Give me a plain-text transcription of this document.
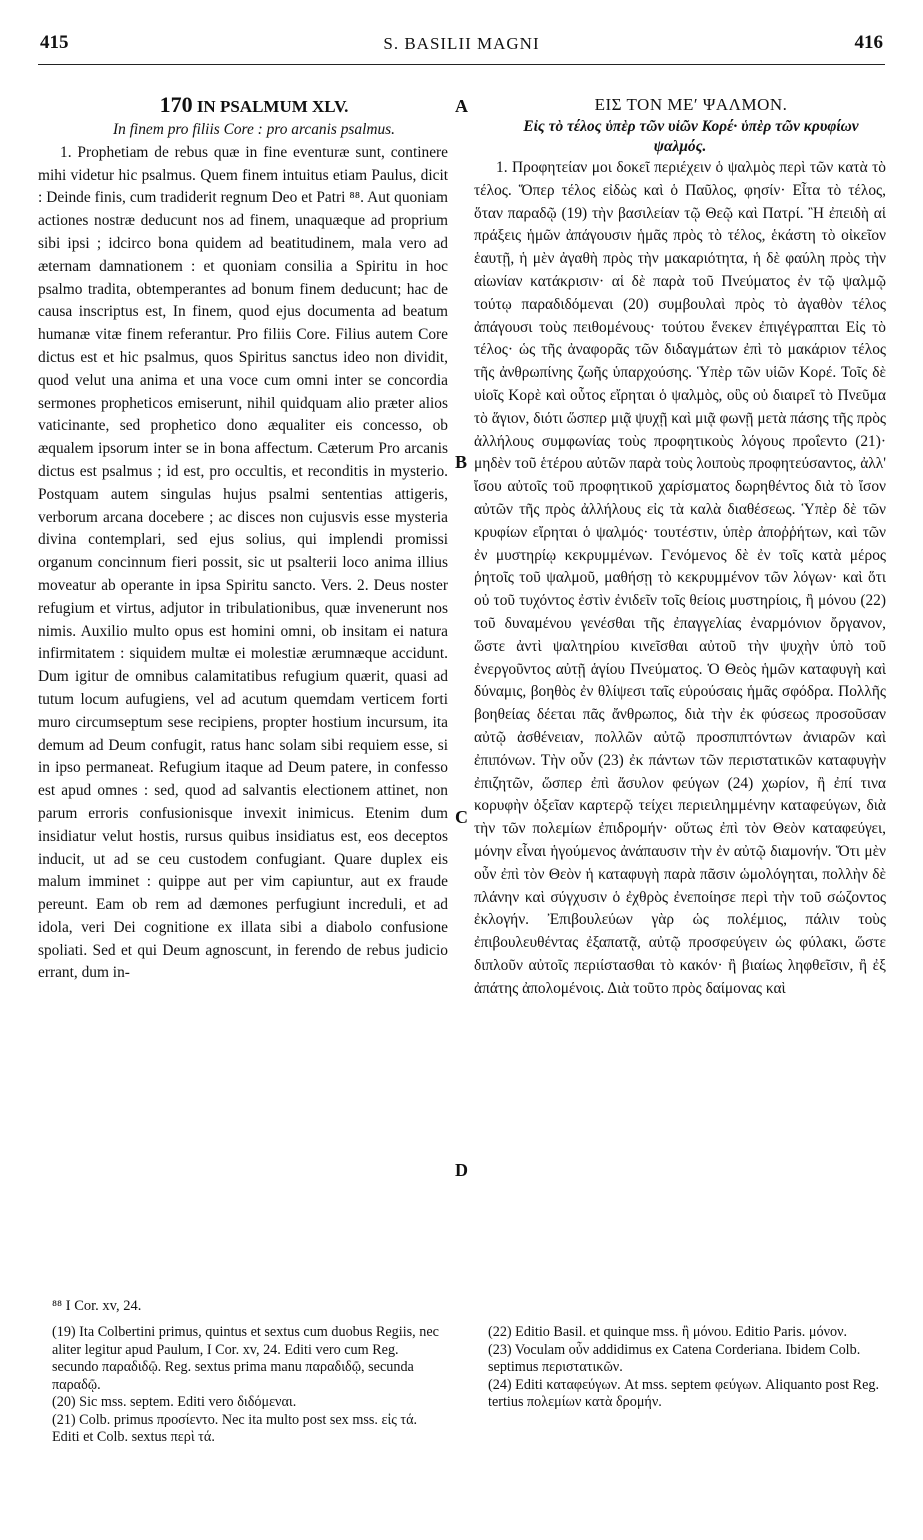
415	S. BASILII MAGNI	416
A
B
C
D

170 IN PSALMUM XLV.

In finem pro filiis Core : pro arcanis psalmus.

1. Prophetiam de rebus quæ in fine eventuræ sunt, continere mihi videtur hic psalmus. Quem finem intuitus etiam Paulus, dicit : Deinde finis, cum tradiderit regnum Deo et Patri ⁸⁸. Aut quoniam actiones nostræ deducunt nos ad finem, unaquæque ad proprium sibi ipsi ; idcirco bona quidem ad beatitudinem, mala vero ad æternam damnationem : et quoniam consilia a Spiritu in hoc psalmo tradita, obtemperantes ad bonum finem deducunt; hac de causa inscriptus est, In finem, quod ejus documenta ad beatum humanæ vitæ finem referantur. Pro filiis Core. Filius autem Core dictus est et hic psalmus, quos Spiritus sanctus ideo non dividit, quod velut una anima et una voce cum omni inter se concordia sermones propheticos emiserunt, nihil quidquam alio præter alios vaticinante, sed prophetico dono æqualiter eis concesso, ob æqualem ipsorum inter se in bona affectum. Cæterum Pro arcanis dictus est psalmus ; id est, pro occultis, et reconditis in mysterio. Postquam autem singulas hujus psalmi sententias attigeris, verborum arcana docebere ; ac disces non cujusvis esse mysteria divina contemplari, sed ejus solius, qui implendi promissi organum concinnum fieri possit, sic ut psalterii loco anima illius moveatur ab operante in ipsa Spiritu sancto. Vers. 2. Deus noster refugium et virtus, adjutor in tribulationibus, quæ invenerunt nos nimis. Auxilio multo opus est homini omni, ob insitam ei natura infirmitatem : siquidem multæ ei molestiæ ærumnæque accidunt. Dum igitur de omnibus calamitatibus refugium quærit, quasi ad tutum locum aufugiens, vel ad acutum quemdam verticem forti muro circumseptum sese recipiens, propter hostium incursum, ita demum ad Deum confugit, ratus hanc solam sibi requiem esse, si in ipso permaneat. Refugium itaque ad Deum patere, in confesso est apud omnes : sed, quod ad salvantis electionem attinet, non parum erroris confusionisque invexit inimicus. Etenim dum insidiatur velut hostis, rursus quibus insidiatus est, eos deceptos inducit, ut ad se ceu custodem confugiant. Quare duplex eis malum imminet : quippe aut per vim capiuntur, aut ex fraude pereunt. Eam ob rem ad dæmones perfugiunt increduli, et ad idola, veri Dei cognitione ex illata sibi a diabolo confusione spoliati. Sed et qui Deum agnoscunt, in ferendo de rebus judicio errant, dum in-

ΕΙΣ ΤΟΝ ΜΕʹ ΨΑΛΜΟΝ.

Εἰς τὸ τέλος ὑπὲρ τῶν υἱῶν Κορέ· ὑπὲρ τῶν κρυφίων ψαλμός.

1. Προφητείαν μοι δοκεῖ περιέχειν ὁ ψαλμὸς περὶ τῶν κατὰ τὸ τέλος. Ὅπερ τέλος εἰδὼς καὶ ὁ Παῦλος, φησίν· Εἶτα τὸ τέλος, ὅταν παραδῷ (19) τὴν βασιλείαν τῷ Θεῷ καὶ Πατρί. Ἢ ἐπειδὴ αἱ πράξεις ἡμῶν ἀπάγουσιν ἡμᾶς πρὸς τὸ τέλος, ἑκάστη τὸ οἰκεῖον ἑαυτῇ, ἡ μὲν ἀγαθὴ πρὸς τὴν μακαριότητα, ἡ δὲ φαύλη πρὸς τὴν αἰωνίαν κατάκρισιν· αἱ δὲ παρὰ τοῦ Πνεύματος ἐν τῷ ψαλμῷ τούτῳ παραδιδόμεναι (20) συμβουλαὶ πρὸς τὸ ἀγαθὸν τέλος ἀπάγουσι τοὺς πειθομένους· τούτου ἕνεκεν ἐπιγέγραπται Εἰς τὸ τέλος· ὡς τῆς ἀναφορᾶς τῶν διδαγμάτων ἐπὶ τὸ μακάριον τέλος τῆς ἀνθρωπίνης ζωῆς ὑπαρχούσης. Ὑπὲρ τῶν υἱῶν Κορέ. Τοῖς δὲ υἱοῖς Κορὲ καὶ οὗτος εἴρηται ὁ ψαλμὸς, οὓς οὐ διαιρεῖ τὸ Πνεῦμα τὸ ἅγιον, διότι ὥσπερ μιᾷ ψυχῇ καὶ μιᾷ φωνῇ μετὰ πάσης τῆς πρὸς ἀλλήλους συμφωνίας τοὺς προφητικοὺς λόγους προΐεντο (21)· μηδὲν τοῦ ἑτέρου αὐτῶν παρὰ τοὺς λοιποὺς προφητεύσαντος, ἀλλ' ἴσου αὐτοῖς τοῦ προφητικοῦ χαρίσματος δωρηθέντος διὰ τὸ ἴσον αὐτῶν τῆς πρὸς ἀλλήλους εἰς τὰ καλὰ διαθέσεως. Ὑπὲρ δὲ τῶν κρυφίων εἴρηται ὁ ψαλμός· τουτέστιν, ὑπὲρ ἀποῤῥήτων, καὶ τῶν ἐν μυστηρίῳ κεκρυμμένων. Γενόμενος δὲ ἐν τοῖς κατὰ μέρος ῥητοῖς τοῦ ψαλμοῦ, μαθήσῃ τὸ κεκρυμμένον τῶν λόγων· καὶ ὅτι οὐ τοῦ τυχόντος ἐστὶν ἐνιδεῖν τοῖς θείοις μυστηρίοις, ἢ μόνου (22) τοῦ δυναμένου γενέσθαι τῆς ἐπαγγελίας ἐναρμόνιον ὄργανον, ὥστε ἀντὶ ψαλτηρίου κινεῖσθαι αὐτοῦ τὴν ψυχὴν ὑπὸ τοῦ ἐνεργοῦντος αὐτῇ ἁγίου Πνεύματος. Ὁ Θεὸς ἡμῶν καταφυγὴ καὶ δύναμις, βοηθὸς ἐν θλίψεσι ταῖς εὑρούσαις ἡμᾶς σφόδρα. Πολλῆς βοηθείας δέεται πᾶς ἄνθρωπος, διὰ τὴν ἐκ φύσεως προσοῦσαν αὐτῷ ἀσθένειαν, πολλῶν αὐτῷ προσπιπτόντων ἀνιαρῶν καὶ ἐπιπόνων. Τὴν οὖν (23) ἐκ πάντων τῶν περιστατικῶν καταφυγὴν ἐπιζητῶν, ὥσπερ ἐπὶ ἄσυλον φεύγων (24) χωρίον, ἢ ἐπί τινα κορυφὴν ὀξεῖαν καρτερῷ τείχει περιειλημμένην καταφεύγων, διὰ τὴν τῶν πολεμίων ἐπιδρομήν· οὕτως ἐπὶ τὸν Θεὸν καταφεύγει, μόνην εἶναι ἡγούμενος ἀνάπαυσιν τὴν ἐν αὐτῷ διαμονήν. Ὅτι μὲν οὖν ἐπὶ τὸν Θεὸν ἡ καταφυγὴ παρὰ πᾶσιν ὡμολόγηται, πολλὴν δὲ πλάνην καὶ σύγχυσιν ὁ ἐχθρὸς ἐνεποίησε περὶ τὴν τοῦ σώζοντος ἐκλογήν. Ἐπιβουλεύων γὰρ ὡς πολέμιος, πάλιν τοὺς ἐπιβουλευθέντας ἐξαπατᾷ, αὐτῷ προσφεύγειν ὡς φύλακι, ὥστε διπλοῦν αὐτοῖς περιίστασθαι τὸ κακόν· ἢ βιαίως ληφθεῖσιν, ἢ ἐξ ἀπάτης ἀπολομένοις. Διὰ τοῦτο πρὸς δαίμονας καὶ

⁸⁸ I Cor. xv, 24.

(19) Ita Colbertini primus, quintus et sextus cum duobus Regiis, nec aliter legitur apud Paulum, I Cor. xv, 24. Editi vero cum Reg. secundo παραδιδῷ. Reg. sextus prima manu παραδιδῷ, secunda παραδῷ.

(20) Sic mss. septem. Editi vero διδόμεναι.

(21) Colb. primus προσίεντο. Nec ita multo post sex mss. εἰς τά. Editi et Colb. sextus περὶ τά.

(22) Editio Basil. et quinque mss. ἢ μόνου. Editio Paris. μόνον.

(23) Voculam οὖν addidimus ex Catena Corderiana. Ibidem Colb. septimus περιστατικῶν.

(24) Editi καταφεύγων. At mss. septem φεύγων. Aliquanto post Reg. tertius πολεμίων κατὰ δρομήν.
